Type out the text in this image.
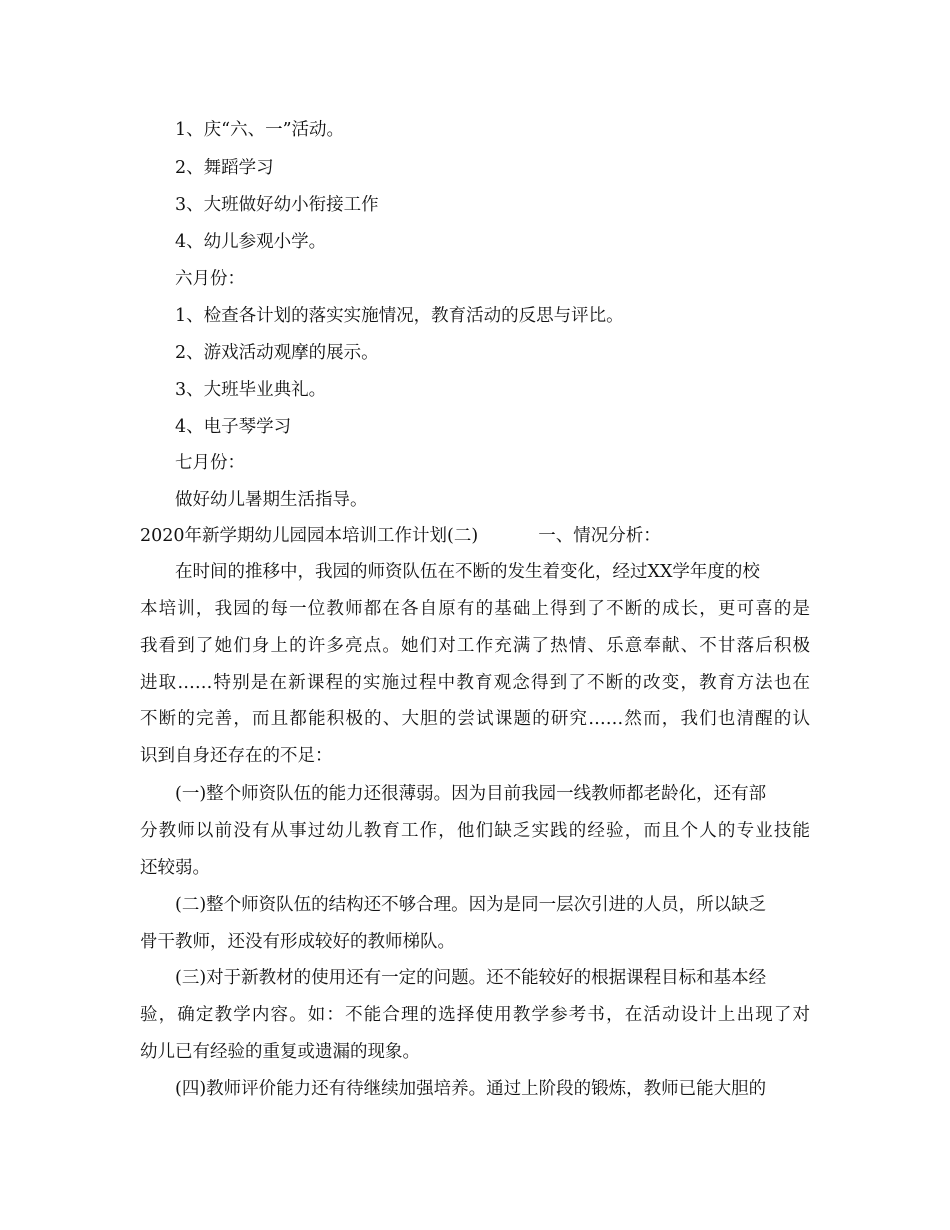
1、庆“六、一”活动。

2、舞蹈学习

3、大班做好幼小衔接工作

4、幼儿参观小学。

六月份：

1、检查各计划的落实实施情况，教育活动的反思与评比。

2、游戏活动观摩的展示。

3、大班毕业典礼。

4、电子琴学习

七月份：

做好幼儿暑期生活指导。

2020年新学期幼儿园园本培训工作计划(二)	一、情况分析：

在时间的推移中，我园的师资队伍在不断的发生着变化，经过XX学年度的校

本培训，我园的每一位教师都在各自原有的基础上得到了不断的成长，更可喜的是

我看到了她们身上的许多亮点。她们对工作充满了热情、乐意奉献、不甘落后积极

进取……特别是在新课程的实施过程中教育观念得到了不断的改变，教育方法也在

不断的完善，而且都能积极的、大胆的尝试课题的研究……然而，我们也清醒的认

识到自身还存在的不足：

(一)整个师资队伍的能力还很薄弱。因为目前我园一线教师都老龄化，还有部

分教师以前没有从事过幼儿教育工作，他们缺乏实践的经验，而且个人的专业技能

还较弱。

(二)整个师资队伍的结构还不够合理。因为是同一层次引进的人员，所以缺乏

骨干教师，还没有形成较好的教师梯队。

(三)对于新教材的使用还有一定的问题。还不能较好的根据课程目标和基本经

验，确定教学内容。如：不能合理的选择使用教学参考书，在活动设计上出现了对

幼儿已有经验的重复或遗漏的现象。

(四)教师评价能力还有待继续加强培养。通过上阶段的锻炼，教师已能大胆的
